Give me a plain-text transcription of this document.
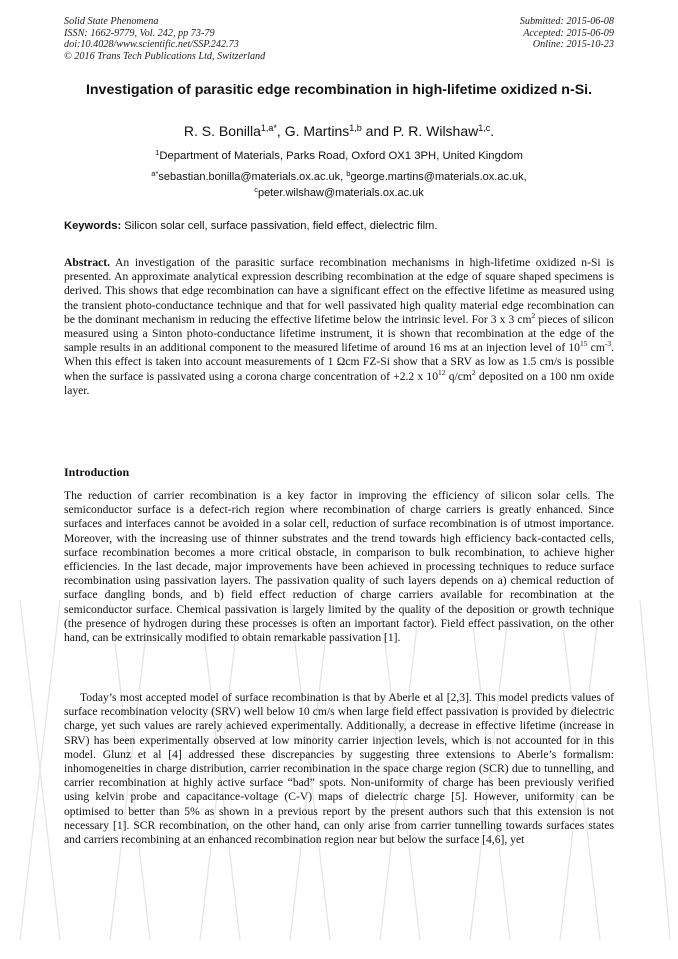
Solid State Phenomena
ISSN: 1662-9779, Vol. 242, pp 73-79
doi:10.4028/www.scientific.net/SSP.242.73
© 2016 Trans Tech Publications Ltd, Switzerland
Submitted: 2015-06-08
Accepted: 2015-06-09
Online: 2015-10-23
Investigation of parasitic edge recombination in high-lifetime oxidized n-Si.
R. S. Bonilla$^{1,a*}$, G. Martins$^{1,b}$ and P. R. Wilshaw$^{1,c}$.
$^1$Department of Materials, Parks Road, Oxford OX1 3PH, United Kingdom
$^{a*}$sebastian.bonilla@materials.ox.ac.uk, $^b$george.martins@materials.ox.ac.uk,
$^c$peter.wilshaw@materials.ox.ac.uk
Keywords: Silicon solar cell, surface passivation, field effect, dielectric film.
Abstract. An investigation of the parasitic surface recombination mechanisms in high-lifetime oxidized n-Si is presented. An approximate analytical expression describing recombination at the edge of square shaped specimens is derived. This shows that edge recombination can have a significant effect on the effective lifetime as measured using the transient photo-conductance technique and that for well passivated high quality material edge recombination can be the dominant mechanism in reducing the effective lifetime below the intrinsic level. For 3 x 3 $cm^2$ pieces of silicon measured using a Sinton photo-conductance lifetime instrument, it is shown that recombination at the edge of the sample results in an additional component to the measured lifetime of around 16 ms at an injection level of $10^{15}$ $cm^{-3}$. When this effect is taken into account measurements of 1 Ωcm FZ-Si show that a SRV as low as 1.5 cm/s is possible when the surface is passivated using a corona charge concentration of +2.2 x $10^{12}$ $q/cm^2$ deposited on a 100 nm oxide layer.
Introduction
The reduction of carrier recombination is a key factor in improving the efficiency of silicon solar cells. The semiconductor surface is a defect-rich region where recombination of charge carriers is greatly enhanced. Since surfaces and interfaces cannot be avoided in a solar cell, reduction of surface recombination is of utmost importance. Moreover, with the increasing use of thinner substrates and the trend towards high efficiency back-contacted cells, surface recombination becomes a more critical obstacle, in comparison to bulk recombination, to achieve higher efficiencies. In the last decade, major improvements have been achieved in processing techniques to reduce surface recombination using passivation layers. The passivation quality of such layers depends on a) chemical reduction of surface dangling bonds, and b) field effect reduction of charge carriers available for recombination at the semiconductor surface. Chemical passivation is largely limited by the quality of the deposition or growth technique (the presence of hydrogen during these processes is often an important factor). Field effect passivation, on the other hand, can be extrinsically modified to obtain remarkable passivation [1].
Today’s most accepted model of surface recombination is that by Aberle et al [2,3]. This model predicts values of surface recombination velocity (SRV) well below 10 cm/s when large field effect passivation is provided by dielectric charge, yet such values are rarely achieved experimentally. Additionally, a decrease in effective lifetime (increase in SRV) has been experimentally observed at low minority carrier injection levels, which is not accounted for in this model. Glunz et al [4] addressed these discrepancies by suggesting three extensions to Aberle’s formalism: inhomogeneities in charge distribution, carrier recombination in the space charge region (SCR) due to tunnelling, and carrier recombination at highly active surface “bad” spots. Non-uniformity of charge has been previously verified using kelvin probe and capacitance-voltage (C-V) maps of dielectric charge [5]. However, uniformity can be optimised to better than 5% as shown in a previous report by the present authors such that this extension is not necessary [1]. SCR recombination, on the other hand, can only arise from carrier tunnelling towards surfaces states and carriers recombining at an enhanced recombination region near but below the surface [4,6], yet
